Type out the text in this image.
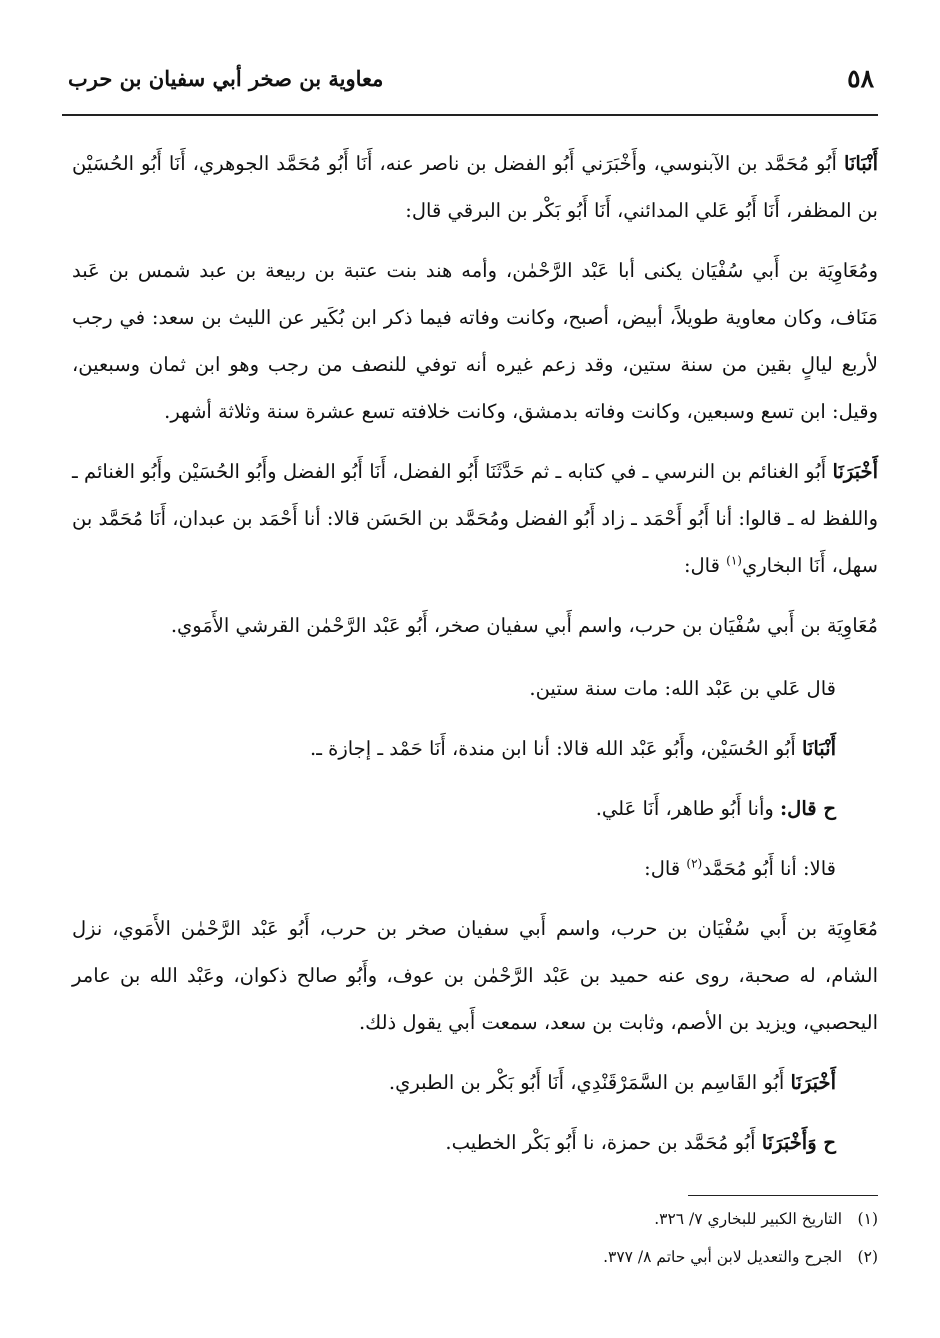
٥٨
معاوية بن صخر أبي سفيان بن حرب

أَنْبَانَا أَبُو مُحَمَّد بن الآبنوسي، وأَخْبَرَني أَبُو الفضل بن ناصر عنه، أَنَا أَبُو مُحَمَّد الجوهري، أَنَا أَبُو الحُسَيْن بن المظفر، أَنَا أَبُو عَلي المدائني، أَنَا أَبُو بَكْر بن البرقي قال:

ومُعَاوِيَة بن أَبي سُفْيَان يكنى أبا عَبْد الرَّحْمٰن، وأمه هند بنت عتبة بن ربيعة بن عبد شمس بن عَبد مَنَاف، وكان معاوية طويلاً، أبيض، أصبح، وكانت وفاته فيما ذكر ابن بُكَير عن الليث بن سعد: في رجب لأربع ليالٍ بقين من سنة ستين، وقد زعم غيره أنه توفي للنصف من رجب وهو ابن ثمان وسبعين، وقيل: ابن تسع وسبعين، وكانت وفاته بدمشق، وكانت خلافته تسع عشرة سنة وثلاثة أشهر.

أَخْبَرَنَا أَبُو الغنائم بن النرسي ـ في كتابه ـ ثم حَدَّثَنَا أَبُو الفضل، أَنَا أَبُو الفضل وأَبُو الحُسَيْن وأَبُو الغنائم ـ واللفظ له ـ قالوا: أنا أَبُو أَحْمَد ـ زاد أَبُو الفضل ومُحَمَّد بن الحَسَن قالا: أنا أَحْمَد بن عبدان، أَنَا مُحَمَّد بن سهل، أَنَا البخاري$^{(١)}$ قال:

مُعَاوِيَة بن أَبي سُفْيَان بن حرب، واسم أَبي سفيان صخر، أَبُو عَبْد الرَّحْمٰن القرشي الأَمَوي.

قال عَلي بن عَبْد الله: مات سنة ستين.

أَنْبَانَا أَبُو الحُسَيْن، وأَبُو عَبْد الله قالا: أنا ابن مندة، أَنَا حَمْد ـ إجازة ـ.

ح قال: وأنا أَبُو طاهر، أَنَا عَلي.

قالا: أنا أَبُو مُحَمَّد$^{(٢)}$ قال:

مُعَاوِيَة بن أَبي سُفْيَان بن حرب، واسم أَبي سفيان صخر بن حرب، أَبُو عَبْد الرَّحْمٰن الأَمَوي، نزل الشام، له صحبة، روى عنه حميد بن عَبْد الرَّحْمٰن بن عوف، وأَبُو صالح ذكوان، وعَبْد الله بن عامر اليحصبي، ويزيد بن الأصم، وثابت بن سعد، سمعت أَبي يقول ذلك.

أَخْبَرَنَا أَبُو القَاسِم بن السَّمَرْقَنْدِي، أَنَا أَبُو بَكْر بن الطبري.

ح وَأَخْبَرَنَا أَبُو مُحَمَّد بن حمزة، نا أَبُو بَكْر الخطيب.

(١)التاريخ الكبير للبخاري ٧/ ٣٢٦.
(٢)الجرح والتعديل لابن أبي حاتم ٨/ ٣٧٧.
